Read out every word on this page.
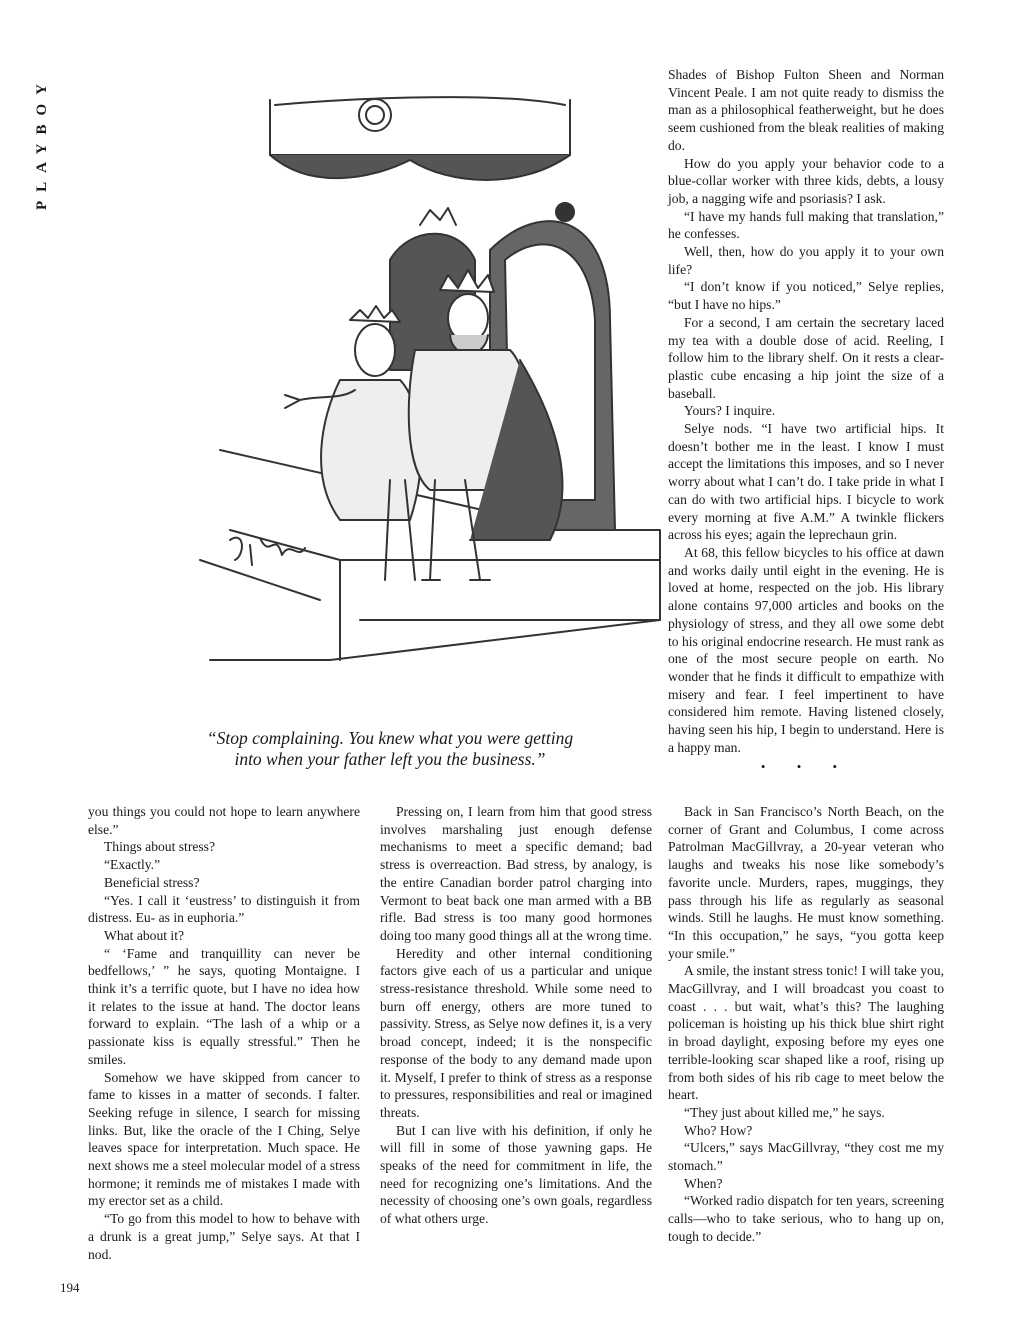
PLAYBOY
“Stop complaining. You knew what you were getting
into when your father left you the business.”

Shades of Bishop Fulton Sheen and Norman Vincent Peale. I am not quite ready to dismiss the man as a philosophical featherweight, but he does seem cushioned from the bleak realities of making do.

How do you apply your behavior code to a blue-collar worker with three kids, debts, a lousy job, a nagging wife and psoriasis? I ask.

“I have my hands full making that translation,” he confesses.

Well, then, how do you apply it to your own life?

“I don’t know if you noticed,” Selye replies, “but I have no hips.”

For a second, I am certain the secretary laced my tea with a double dose of acid. Reeling, I follow him to the library shelf. On it rests a clear-plastic cube encasing a hip joint the size of a baseball.

Yours? I inquire.

Selye nods. “I have two artificial hips. It doesn’t bother me in the least. I know I must accept the limitations this imposes, and so I never worry about what I can’t do. I take pride in what I can do with two artificial hips. I bicycle to work every morning at five A.M.” A twinkle flickers across his eyes; again the leprechaun grin.

At 68, this fellow bicycles to his office at dawn and works daily until eight in the evening. He is loved at home, respected on the job. His library alone contains 97,000 articles and books on the physiology of stress, and they all owe some debt to his original endocrine research. He must rank as one of the most secure people on earth. No wonder that he finds it difficult to empathize with misery and fear. I feel impertinent to have considered him remote. Having listened closely, having seen his hip, I begin to understand. Here is a happy man.

• • •

you things you could not hope to learn anywhere else.”

Things about stress?

“Exactly.”

Beneficial stress?

“Yes. I call it ‘eustress’ to distinguish it from distress. Eu- as in euphoria.”

What about it?

“ ‘Fame and tranquillity can never be bedfellows,’ ” he says, quoting Montaigne. I think it’s a terrific quote, but I have no idea how it relates to the issue at hand. The doctor leans forward to explain. “The lash of a whip or a passionate kiss is equally stressful.” Then he smiles.

Somehow we have skipped from cancer to fame to kisses in a matter of seconds. I falter. Seeking refuge in silence, I search for missing links. But, like the oracle of the I Ching, Selye leaves space for interpretation. Much space. He next shows me a steel molecular model of a stress hormone; it reminds me of mistakes I made with my erector set as a child.

“To go from this model to how to behave with a drunk is a great jump,” Selye says. At that I nod.

Pressing on, I learn from him that good stress involves marshaling just enough defense mechanisms to meet a specific demand; bad stress is overreaction. Bad stress, by analogy, is the entire Canadian border patrol charging into Vermont to beat back one man armed with a BB rifle. Bad stress is too many good hormones doing too many good things all at the wrong time.

Heredity and other internal conditioning factors give each of us a particular and unique stress-resistance threshold. While some need to burn off energy, others are more tuned to passivity. Stress, as Selye now defines it, is a very broad concept, indeed; it is the nonspecific response of the body to any demand made upon it. Myself, I prefer to think of stress as a response to pressures, responsibilities and real or imagined threats.

But I can live with his definition, if only he will fill in some of those yawning gaps. He speaks of the need for commitment in life, the need for recognizing one’s limitations. And the necessity of choosing one’s own goals, regardless of what others urge.

Back in San Francisco’s North Beach, on the corner of Grant and Columbus, I come across Patrolman MacGillvray, a 20-year veteran who laughs and tweaks his nose like somebody’s favorite uncle. Murders, rapes, muggings, they pass through his life as regularly as seasonal winds. Still he laughs. He must know something. “In this occupation,” he says, “you gotta keep your smile.”

A smile, the instant stress tonic! I will take you, MacGillvray, and I will broadcast you coast to coast . . . but wait, what’s this? The laughing policeman is hoisting up his thick blue shirt right in broad daylight, exposing before my eyes one terrible-looking scar shaped like a roof, rising up from both sides of his rib cage to meet below the heart.

“They just about killed me,” he says.

Who? How?

“Ulcers,” says MacGillvray, “they cost me my stomach.”

When?

“Worked radio dispatch for ten years, screening calls—who to take serious, who to hang up on, tough to decide.”

194
